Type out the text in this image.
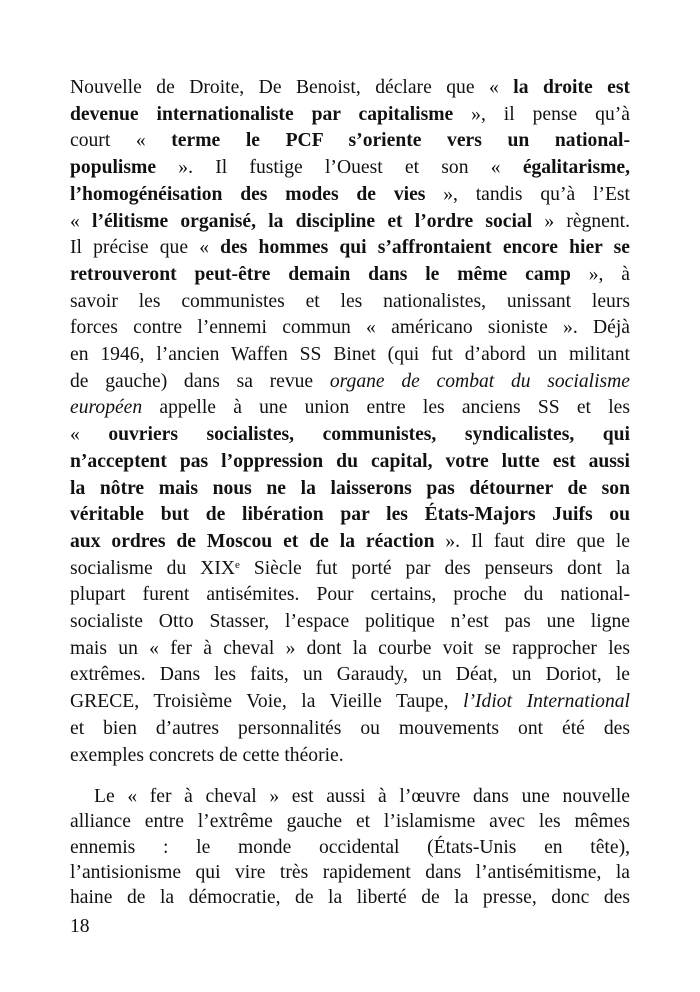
Nouvelle de Droite, De Benoist, déclare que « la droite est
devenue internationaliste par capitalisme », il pense qu’à
court « terme le PCF s’oriente vers un national-
populisme ». Il fustige l’Ouest et son « égalitarisme,
l’homogénéisation des modes de vies », tandis qu’à l’Est
« l’élitisme organisé, la discipline et l’ordre social » règnent.
Il précise que « des hommes qui s’affrontaient encore hier se
retrouveront peut-être demain dans le même camp », à
savoir les communistes et les nationalistes, unissant leurs
forces contre l’ennemi commun « américano sioniste ». Déjà
en 1946, l’ancien Waffen SS Binet (qui fut d’abord un militant
de gauche) dans sa revue organe de combat du socialisme
européen appelle à une union entre les anciens SS et les
« ouvriers socialistes, communistes, syndicalistes, qui
n’acceptent pas l’oppression du capital, votre lutte est aussi
la nôtre mais nous ne la laisserons pas détourner de son
véritable but de libération par les États-Majors Juifs ou
aux ordres de Moscou et de la réaction ». Il faut dire que le
socialisme du XIXe Siècle fut porté par des penseurs dont la
plupart furent antisémites. Pour certains, proche du national-
socialiste Otto Stasser, l’espace politique n’est pas une ligne
mais un « fer à cheval » dont la courbe voit se rapprocher les
extrêmes. Dans les faits, un Garaudy, un Déat, un Doriot, le
GRECE, Troisième Voie, la Vieille Taupe, l’Idiot International
et bien d’autres personnalités ou mouvements ont été des
exemples concrets de cette théorie.
Le « fer à cheval » est aussi à l’œuvre dans une nouvelle
alliance entre l’extrême gauche et l’islamisme avec les mêmes
ennemis : le monde occidental (États-Unis en tête),
l’antisionisme qui vire très rapidement dans l’antisémitisme, la
haine de la démocratie, de la liberté de la presse, donc des
18
